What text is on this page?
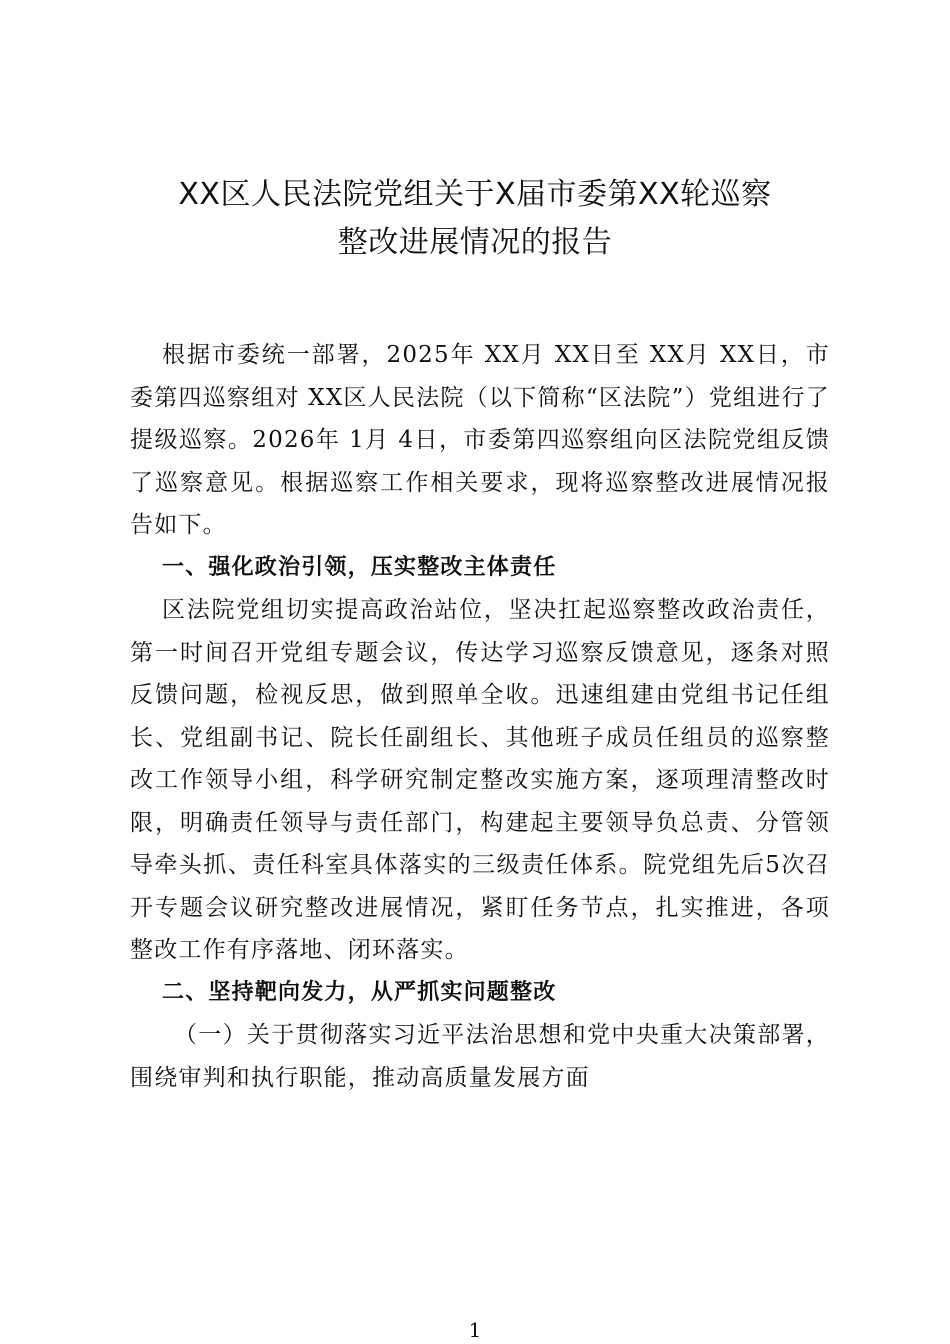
XX区人民法院党组关于X届市委第XX轮巡察
整改进展情况的报告

根据市委统一部署，2025年 XX月 XX日至 XX月 XX日，市委第四巡察组对 XX区人民法院（以下简称“区法院”）党组进行了提级巡察。2026年 1月 4日，市委第四巡察组向区法院党组反馈了巡察意见。根据巡察工作相关要求，现将巡察整改进展情况报告如下。

一、强化政治引领，压实整改主体责任

区法院党组切实提高政治站位，坚决扛起巡察整改政治责任，第一时间召开党组专题会议，传达学习巡察反馈意见，逐条对照反馈问题，检视反思，做到照单全收。迅速组建由党组书记任组长、党组副书记、院长任副组长、其他班子成员任组员的巡察整改工作领导小组，科学研究制定整改实施方案，逐项理清整改时限，明确责任领导与责任部门，构建起主要领导负总责、分管领导牵头抓、责任科室具体落实的三级责任体系。院党组先后5次召开专题会议研究整改进展情况，紧盯任务节点，扎实推进，各项整改工作有序落地、闭环落实。

二、坚持靶向发力，从严抓实问题整改

（一）关于贯彻落实习近平法治思想和党中央重大决策部署，围绕审判和执行职能，推动高质量发展方面

1
